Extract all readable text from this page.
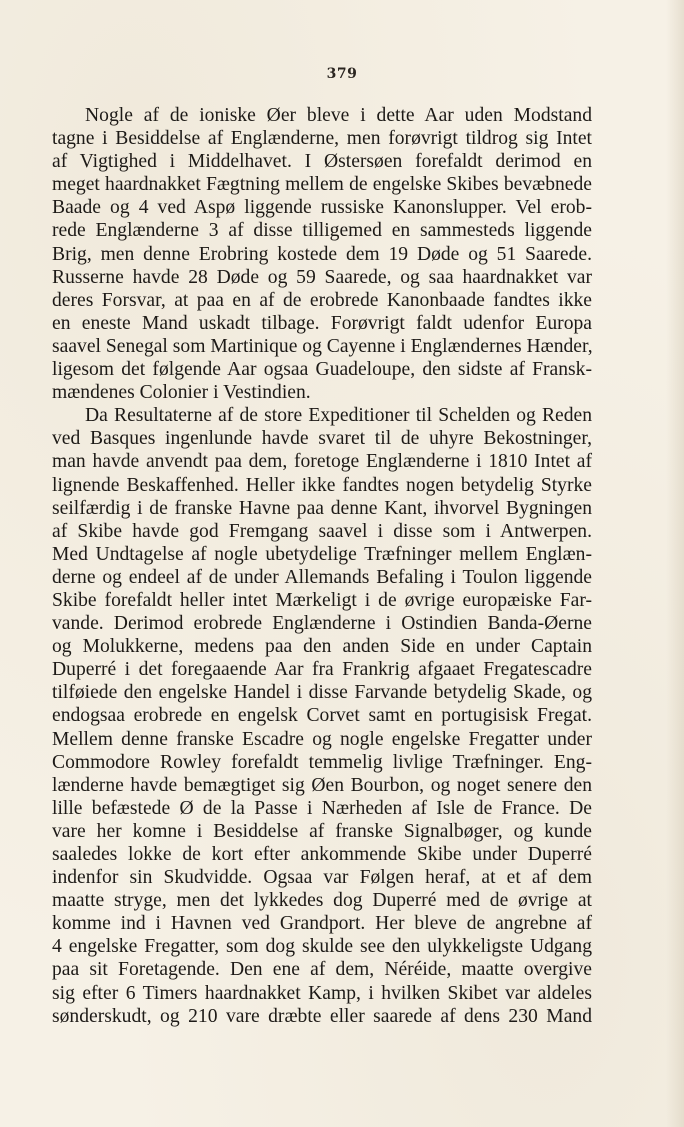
379
Nogle af de ioniske Øer bleve i dette Aar uden Modstand
tagne i Besiddelse af Englænderne, men forøvrigt tildrog sig Intet
af Vigtighed i Middelhavet. I Østersøen forefaldt derimod en
meget haardnakket Fægtning mellem de engelske Skibes bevæbnede
Baade og 4 ved Aspø liggende russiske Kanonslupper. Vel erob-
rede Englænderne 3 af disse tilligemed en sammesteds liggende
Brig, men denne Erobring kostede dem 19 Døde og 51 Saarede.
Russerne havde 28 Døde og 59 Saarede, og saa haardnakket var
deres Forsvar, at paa en af de erobrede Kanonbaade fandtes ikke
en eneste Mand uskadt tilbage. Forøvrigt faldt udenfor Europa
saavel Senegal som Martinique og Cayenne i Englændernes Hænder,
ligesom det følgende Aar ogsaa Guadeloupe, den sidste af Fransk-
mændenes Colonier i Vestindien.
Da Resultaterne af de store Expeditioner til Schelden og Reden
ved Basques ingenlunde havde svaret til de uhyre Bekostninger,
man havde anvendt paa dem, foretoge Englænderne i 1810 Intet af
lignende Beskaffenhed. Heller ikke fandtes nogen betydelig Styrke
seilfærdig i de franske Havne paa denne Kant, ihvorvel Bygningen
af Skibe havde god Fremgang saavel i disse som i Antwerpen.
Med Undtagelse af nogle ubetydelige Træfninger mellem Englæn-
derne og endeel af de under Allemands Befaling i Toulon liggende
Skibe forefaldt heller intet Mærkeligt i de øvrige europæiske Far-
vande. Derimod erobrede Englænderne i Ostindien Banda-Øerne
og Molukkerne, medens paa den anden Side en under Captain
Duperré i det foregaaende Aar fra Frankrig afgaaet Fregatescadre
tilføiede den engelske Handel i disse Farvande betydelig Skade, og
endogsaa erobrede en engelsk Corvet samt en portugisisk Fregat.
Mellem denne franske Escadre og nogle engelske Fregatter under
Commodore Rowley forefaldt temmelig livlige Træfninger. Eng-
lænderne havde bemægtiget sig Øen Bourbon, og noget senere den
lille befæstede Ø de la Passe i Nærheden af Isle de France. De
vare her komne i Besiddelse af franske Signalbøger, og kunde
saaledes lokke de kort efter ankommende Skibe under Duperré
indenfor sin Skudvidde. Ogsaa var Følgen heraf, at et af dem
maatte stryge, men det lykkedes dog Duperré med de øvrige at
komme ind i Havnen ved Grandport. Her bleve de angrebne af
4 engelske Fregatter, som dog skulde see den ulykkeligste Udgang
paa sit Foretagende. Den ene af dem, Néréide, maatte overgive
sig efter 6 Timers haardnakket Kamp, i hvilken Skibet var aldeles
sønderskudt, og 210 vare dræbte eller saarede af dens 230 Mand
